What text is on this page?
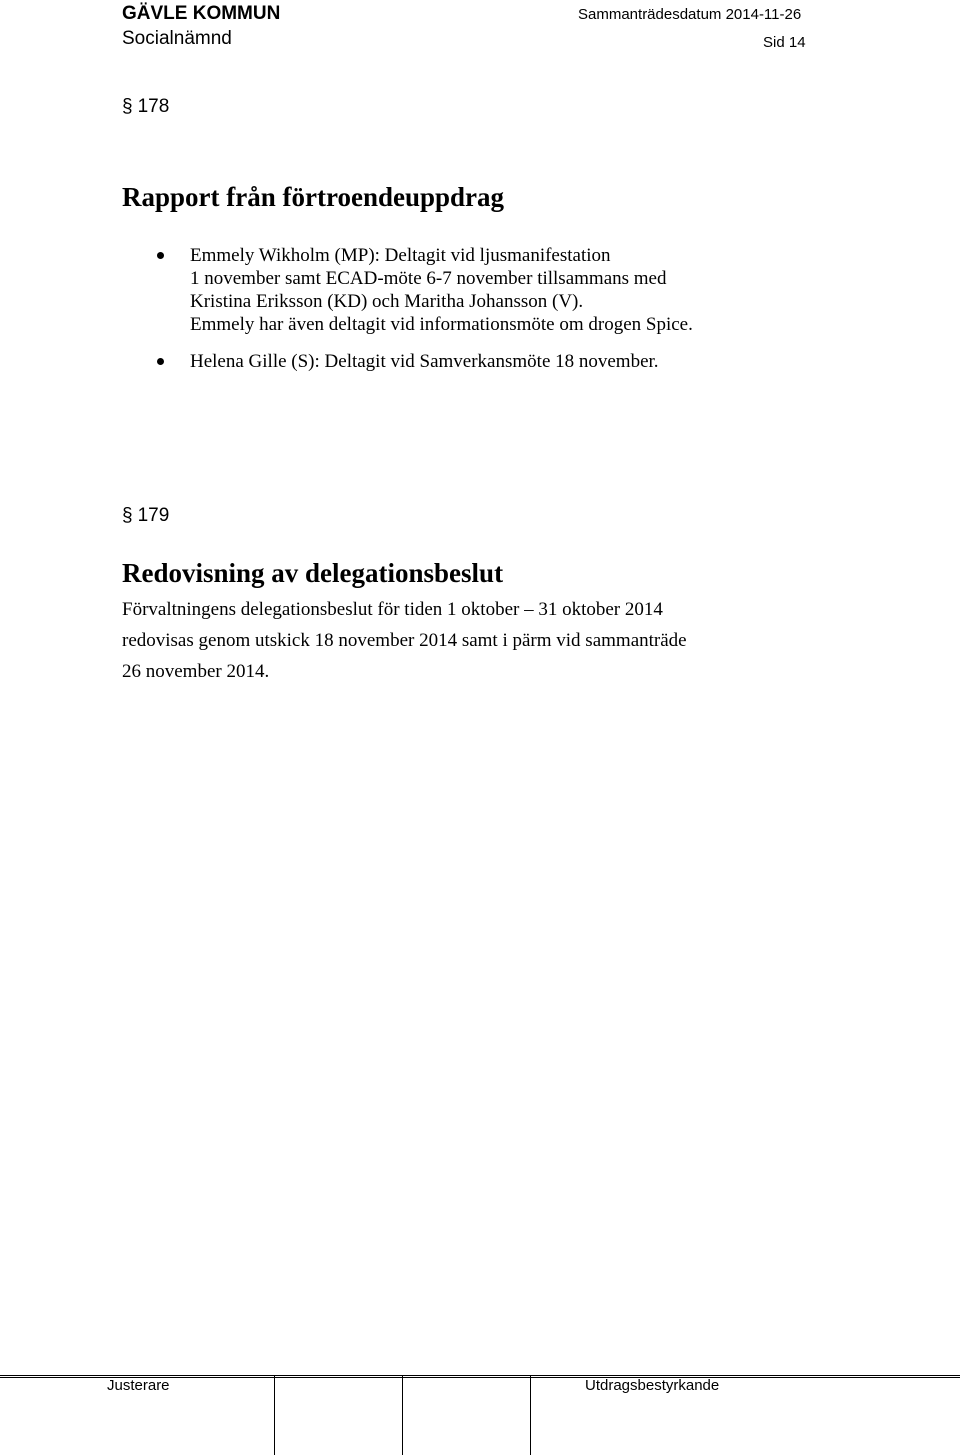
GÄVLE KOMMUN
Socialnämnd
Sammanträdesdatum 2014-11-26
Sid 14
§ 178
Rapport från förtroendeuppdrag
Emmely Wikholm (MP): Deltagit vid ljusmanifestation
1 november samt ECAD-möte 6-7 november tillsammans med
Kristina Eriksson (KD) och Maritha Johansson (V).
Emmely har även deltagit vid informationsmöte om drogen Spice.
Helena Gille (S): Deltagit vid Samverkansmöte 18 november.
§ 179
Redovisning av delegationsbeslut
Förvaltningens delegationsbeslut för tiden 1 oktober – 31 oktober 2014
redovisas genom utskick 18 november 2014 samt i pärm vid sammanträde
26 november 2014.
Justerare	Utdragsbestyrkande
